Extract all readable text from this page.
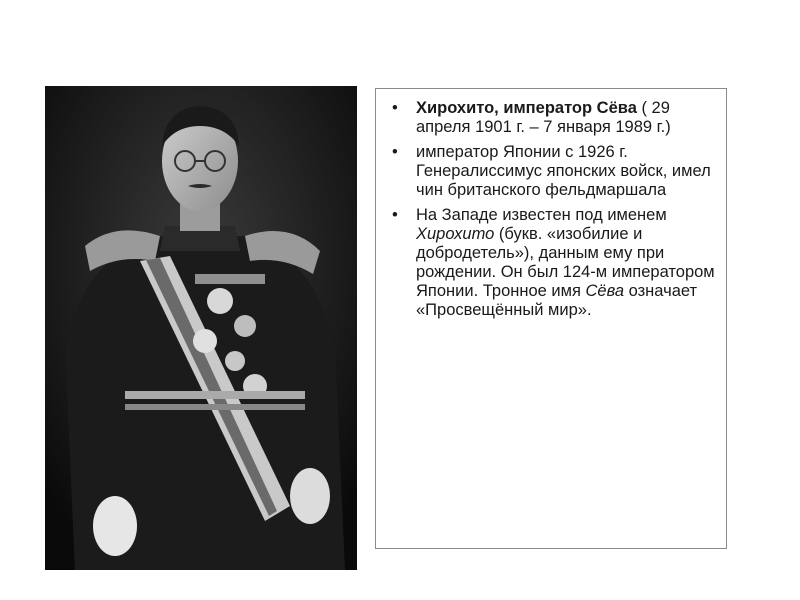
• Хирохито, император Сёва ( 29 апреля 1901 г. – 7 января 1989 г.)
• император Японии с 1926 г. Генералиссимус японских войск, имел чин британского фельдмаршала
• На Западе известен под именем Хирохито (букв. «изобилие и добродетель»), данным ему при рождении. Он был 124-м императором Японии. Тронное имя Сёва означает «Просвещённый мир».
